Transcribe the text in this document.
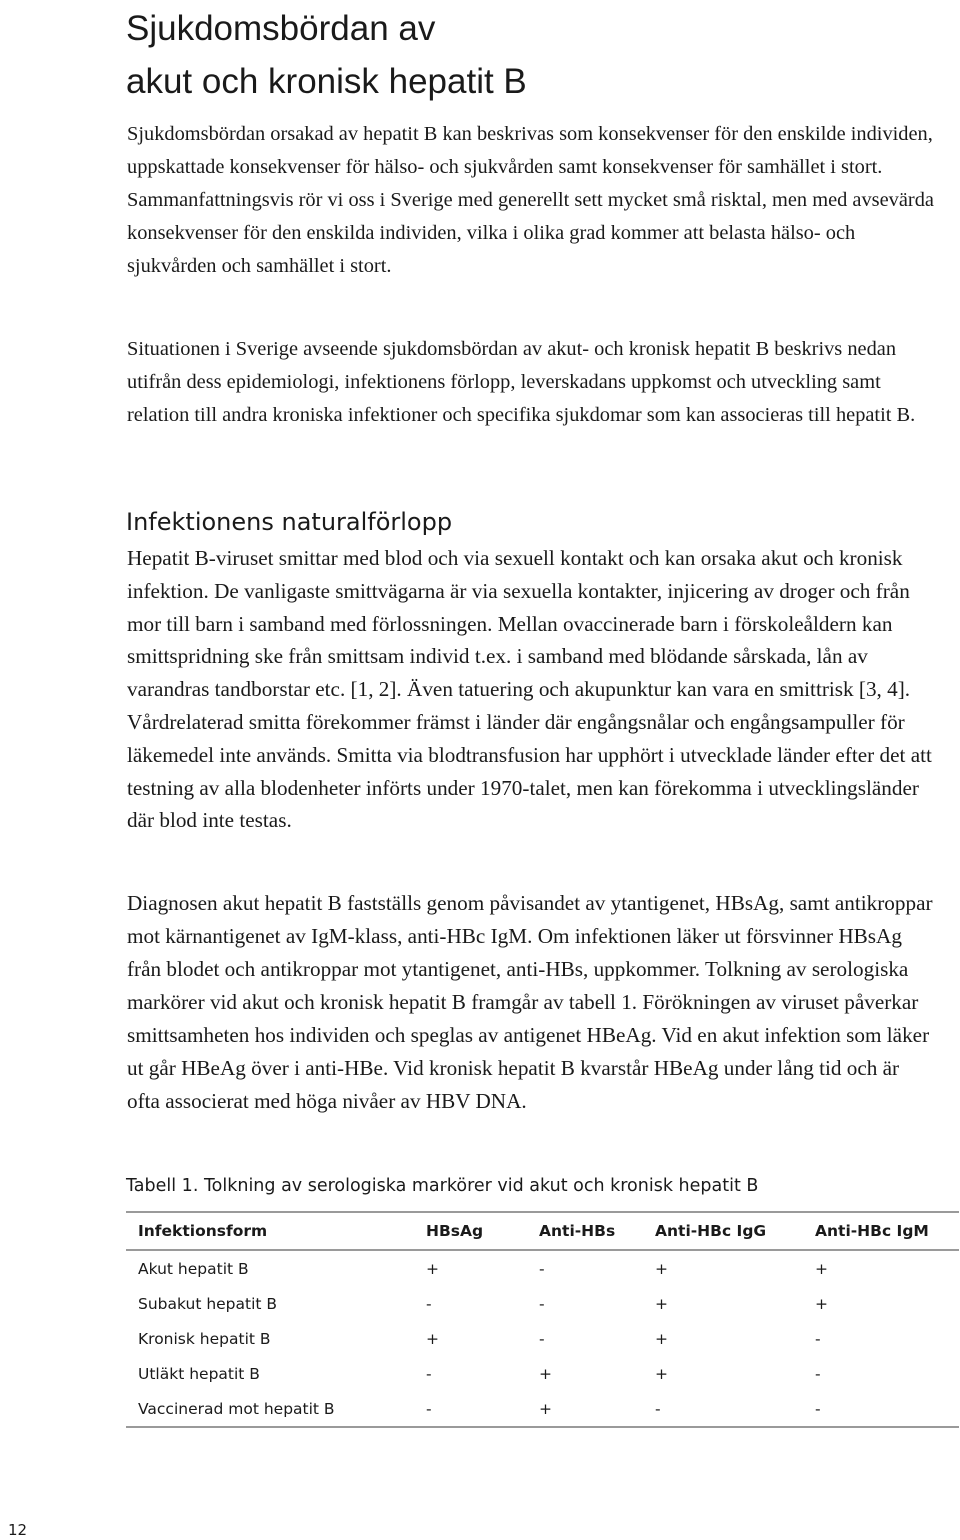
Sjukdomsbördan av
akut och kronisk hepatit B

Sjukdomsbördan orsakad av hepatit B kan beskrivas som konsekvenser för den enskilde individen, uppskattade konsekvenser för hälso- och sjukvården samt konsekvenser för samhället i stort. Sammanfattningsvis rör vi oss i Sverige med generellt sett mycket små risktal, men med avsevärda konsekvenser för den enskilda individen, vilka i olika grad kommer att belasta hälso- och sjukvården och samhället i stort.

Situationen i Sverige avseende sjukdomsbördan av akut- och kronisk hepatit B beskrivs nedan utifrån dess epidemiologi, infektionens förlopp, leverskadans uppkomst och utveckling samt relation till andra kroniska infektioner och specifika sjukdomar som kan associeras till hepatit B.

Infektionens naturalförlopp

Hepatit B-viruset smittar med blod och via sexuell kontakt och kan orsaka akut och kronisk infektion. De vanligaste smittvägarna är via sexuella kontakter, injicering av droger och från mor till barn i samband med förlossningen. Mellan ovaccinerade barn i förskoleåldern kan smittspridning ske från smittsam individ t.ex. i samband med blödande sårskada, lån av varandras tandborstar etc. [1, 2]. Även tatuering och akupunktur kan vara en smittrisk [3, 4]. Vårdrelaterad smitta förekommer främst i länder där engångsnålar och engångsampuller för läkemedel inte används. Smitta via blodtransfusion har upphört i utvecklade länder efter det att testning av alla blodenheter införts under 1970-talet, men kan förekomma i utvecklingsländer där blod inte testas.

Diagnosen akut hepatit B fastställs genom påvisandet av ytantigenet, HBsAg, samt antikroppar mot kärnantigenet av IgM-klass, anti-HBc IgM. Om infektionen läker ut försvinner HBsAg från blodet och antikroppar mot ytantigenet, anti-HBs, uppkommer. Tolkning av serologiska markörer vid akut och kronisk hepatit B framgår av tabell 1. Förökningen av viruset påverkar smittsamheten hos individen och speglas av antigenet HBeAg. Vid en akut infektion som läker ut går HBeAg över i anti-HBe. Vid kronisk hepatit B kvarstår HBeAg under lång tid och är ofta associerat med höga nivåer av HBV DNA.

Tabell 1. Tolkning av serologiska markörer vid akut och kronisk hepatit B

Infektionsform	HBsAg	Anti-HBs	Anti-HBc IgG	Anti-HBc IgM
Akut hepatit B	+	-	+	+
Subakut hepatit B	-	-	+	+
Kronisk hepatit B	+	-	+	-
Utläkt hepatit B	-	+	+	-
Vaccinerad mot hepatit B	-	+	-	-

12
